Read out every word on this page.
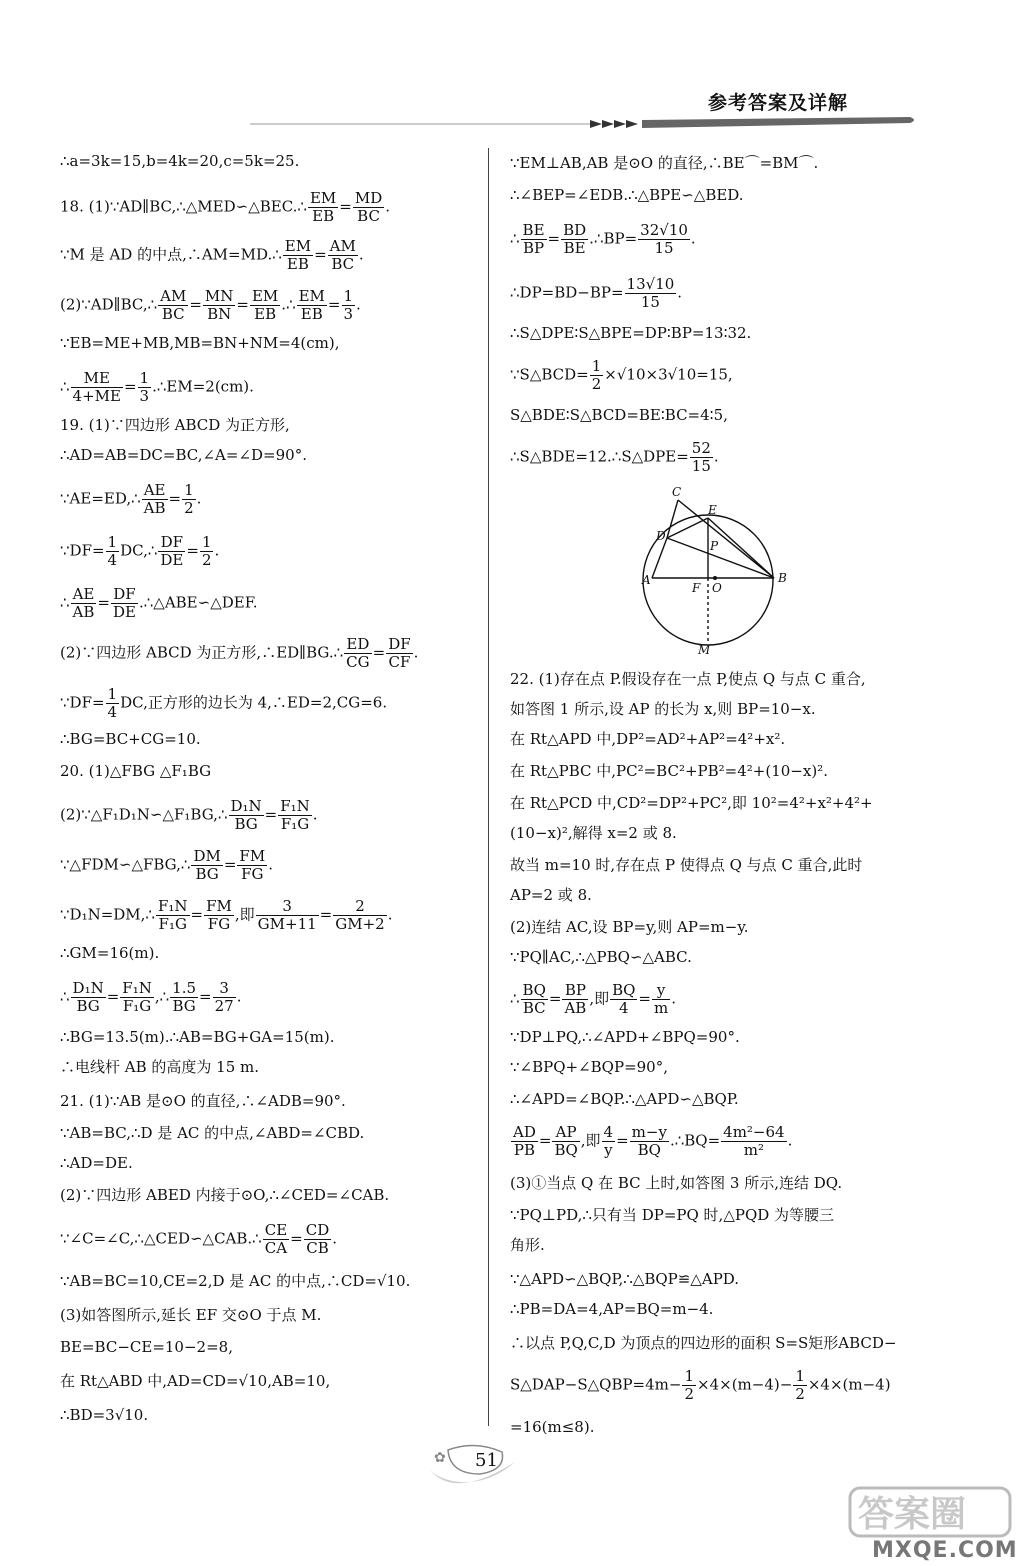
参考答案及详解
∴a=3k=15,b=4k=20,c=5k=25.
18. (1)∵AD∥BC,∴△MED∽△BEC.∴ $\frac{EM}{EB} = \frac{MD}{BC}$ .
∵M 是 AD 的中点,∴AM=MD.∴ $\frac{EM}{EB} = \frac{AM}{BC}$ .
(2)∵AD∥BC,∴ $\frac{AM}{BC} = \frac{MN}{BN} = \frac{EM}{EB}$ .∴ $\frac{EM}{EB} = \frac{1}{3}$ .
∵EB=ME+MB,MB=BN+NM=4(cm),
∴ $\frac{ME}{4+ME} = \frac{1}{3}$ .∴EM=2(cm).
19. (1)∵四边形 ABCD 为正方形,
∴AD=AB=DC=BC,∠A=∠D=90°.
∵AE=ED,∴ $\frac{AE}{AB} = \frac{1}{2}$ .
∵DF= $\frac{1}{4}$ DC,∴ $\frac{DF}{DE} = \frac{1}{2}$ .
∴ $\frac{AE}{AB} = \frac{DF}{DE}$ .∴△ABE∽△DEF.
(2)∵四边形 ABCD 为正方形,∴ED∥BG.∴ $\frac{ED}{CG} = \frac{DF}{CF}$ .
∵DF= $\frac{1}{4}$ DC,正方形的边长为 4,∴ED=2,CG=6.
∴BG=BC+CG=10.
20. (1)△FBG △F₁BG
(2)∵△F₁D₁N∽△F₁BG,∴ $\frac{\text{D₁N}}{BG} = \frac{\text{F₁N}}{\text{F₁G}}$ .
∵△FDM∽△FBG,∴ $\frac{DM}{BG} = \frac{FM}{FG}$ .
∵D₁N=DM,∴ $\frac{\text{F₁N}}{\text{F₁G}} = \frac{FM}{FG}$ ,即 $\frac{3}{GM+11} = \frac{2}{GM+2}$ .
∴GM=16(m).
∴ $\frac{\text{D₁N}}{BG} = \frac{\text{F₁N}}{\text{F₁G}}$ ,∴ $\frac{1.5}{BG} = \frac{3}{27}$ .
∴BG=13.5(m).∴AB=BG+GA=15(m).
∴电线杆 AB 的高度为 15 m.
21. (1)∵AB 是⊙O 的直径,∴∠ADB=90°.
∵AB=BC,∴D 是 AC 的中点,∠ABD=∠CBD.
∴AD=DE.
(2)∵四边形 ABED 内接于⊙O,∴∠CED=∠CAB.
∵∠C=∠C,∴△CED∽△CAB.∴ $\frac{CE}{CA} = \frac{CD}{CB}$ .
∵AB=BC=10,CE=2,D 是 AC 的中点,∴CD=√10.
(3)如答图所示,延长 EF 交⊙O 于点 M.
BE=BC−CE=10−2=8,
在 Rt△ABD 中,AD=CD=√10,AB=10,
∴BD=3√10.
∵EM⊥AB,AB 是⊙O 的直径,∴BE⌒=BM⌒.
∴∠BEP=∠EDB.∴△BPE∽△BED.
∴ $\frac{BE}{BP} = \frac{BD}{BE}$ .∴BP= $\frac{32√10}{15}$ .
∴DP=BD−BP= $\frac{13√10}{15}$ .
∴S△DPE∶S△BPE=DP∶BP=13∶32.
∵S△BCD= $\frac{1}{2} \times√10\times 3√10=15$,
S△BDE∶S△BCD=BE∶BC=4∶5,
∴S△BDE=12.∴S△DPE= $\frac{52}{15}$ .
22. (1)存在点 P.假设存在一点 P,使点 Q 与点 C 重合,
如答图 1 所示,设 AP 的长为 x,则 BP=10−x.
在 Rt△APD 中,DP²=AD²+AP²=4²+x².
在 Rt△PBC 中,PC²=BC²+PB²=4²+(10−x)².
在 Rt△PCD 中,CD²=DP²+PC²,即 10²=4²+x²+4²+
(10−x)²,解得 x=2 或 8.
故当 m=10 时,存在点 P 使得点 Q 与点 C 重合,此时
AP=2 或 8.
(2)连结 AC,设 BP=y,则 AP=m−y.
∵PQ∥AC,∴△PBQ∽△ABC.
∴ $\frac{BQ}{BC} = \frac{BP}{AB}$ ,即 $\frac{BQ}{4} = \frac{y}{m}$ .
∵DP⊥PQ,∴∠APD+∠BPQ=90°.
∵∠BPQ+∠BQP=90°,
∴∠APD=∠BQP.∴△APD∽△BQP.
$\frac{AD}{PB} = \frac{AP}{BQ}$ ,即 $\frac{4}{y} = \frac{m-y}{BQ}$ .∴BQ= $\frac{\text{4m²−64}}{\text{m²}}$ .
(3)①当点 Q 在 BC 上时,如答图 3 所示,连结 DQ.
∵PQ⊥PD,∴只有当 DP=PQ 时,△PQD 为等腰三
角形.
∵△APD∽△BQP,∴△BQP≌△APD.
∴PB=DA=4,AP=BQ=m−4.
∴以点 P,Q,C,D 为顶点的四边形的面积 S=S矩形ABCD−
S△DAP−S△QBP=4m− $\frac{1}{2} \times 4\times(m-4)- \frac{1}{2} \times 4\times(m-4)$
=16(m≤8).
C
E
D
P
A
F O
B
M
✿ 51
答案圈
MXQE.COM
